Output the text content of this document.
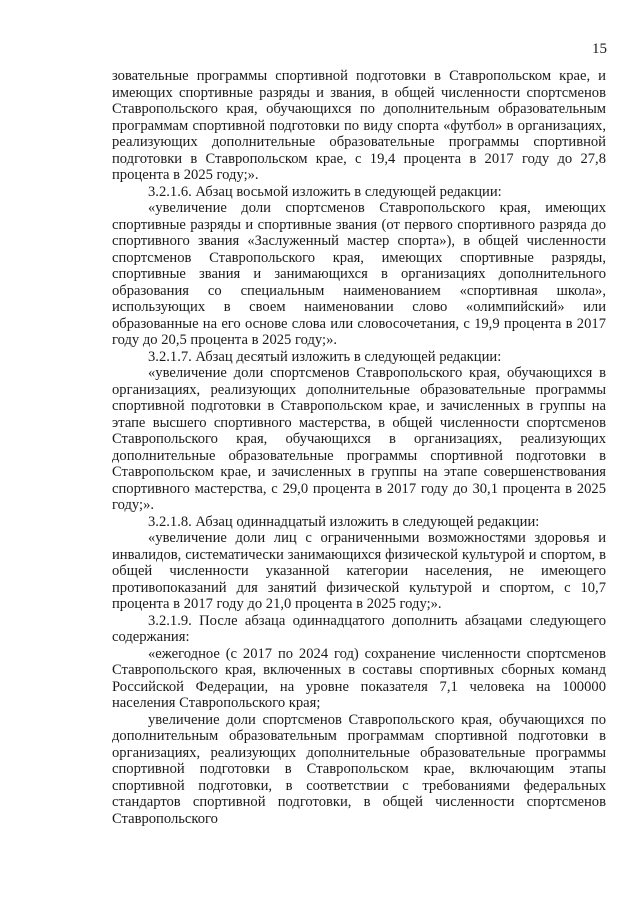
15

зовательные программы спортивной подготовки в Ставропольском крае, и имеющих спортивные разряды и звания, в общей численности спортсменов Ставропольского края, обучающихся по дополнительным образовательным программам спортивной подготовки по виду спорта «футбол» в организациях, реализующих дополнительные образовательные программы спортивной подготовки в Ставропольском крае, с 19,4 процента в 2017 году до 27,8 процента в 2025 году;».

3.2.1.6. Абзац восьмой изложить в следующей редакции:

«увеличение доли спортсменов Ставропольского края, имеющих спортивные разряды и спортивные звания (от первого спортивного разряда до спортивного звания «Заслуженный мастер спорта»), в общей численности спортсменов Ставропольского края, имеющих спортивные разряды, спортивные звания и занимающихся в организациях дополнительного образования со специальным наименованием «спортивная школа», использующих в своем наименовании слово «олимпийский» или образованные на его основе слова или словосочетания, с 19,9 процента в 2017 году до 20,5 процента в 2025 году;».

3.2.1.7. Абзац десятый изложить в следующей редакции:

«увеличение доли спортсменов Ставропольского края, обучающихся в организациях, реализующих дополнительные образовательные программы спортивной подготовки в Ставропольском крае, и зачисленных в группы на этапе высшего спортивного мастерства, в общей численности спортсменов Ставропольского края, обучающихся в организациях, реализующих дополнительные образовательные программы спортивной подготовки в Ставропольском крае, и зачисленных в группы на этапе совершенствования спортивного мастерства, с 29,0 процента в 2017 году до 30,1 процента в 2025 году;».

3.2.1.8. Абзац одиннадцатый изложить в следующей редакции:

«увеличение доли лиц с ограниченными возможностями здоровья и инвалидов, систематически занимающихся физической культурой и спортом, в общей численности указанной категории населения, не имеющего противопоказаний для занятий физической культурой и спортом, с 10,7 процента в 2017 году до 21,0 процента в 2025 году;».

3.2.1.9. После абзаца одиннадцатого дополнить абзацами следующего содержания:

«ежегодное (с 2017 по 2024 год) сохранение численности спортсменов Ставропольского края, включенных в составы спортивных сборных команд Российской Федерации, на уровне показателя 7,1 человека на 100000 населения Ставропольского края;

увеличение доли спортсменов Ставропольского края, обучающихся по дополнительным образовательным программам спортивной подготовки в организациях, реализующих дополнительные образовательные программы спортивной подготовки в Ставропольском крае, включающим этапы спортивной подготовки, в соответствии с требованиями федеральных стандартов спортивной подготовки, в общей численности спортсменов Ставропольского
